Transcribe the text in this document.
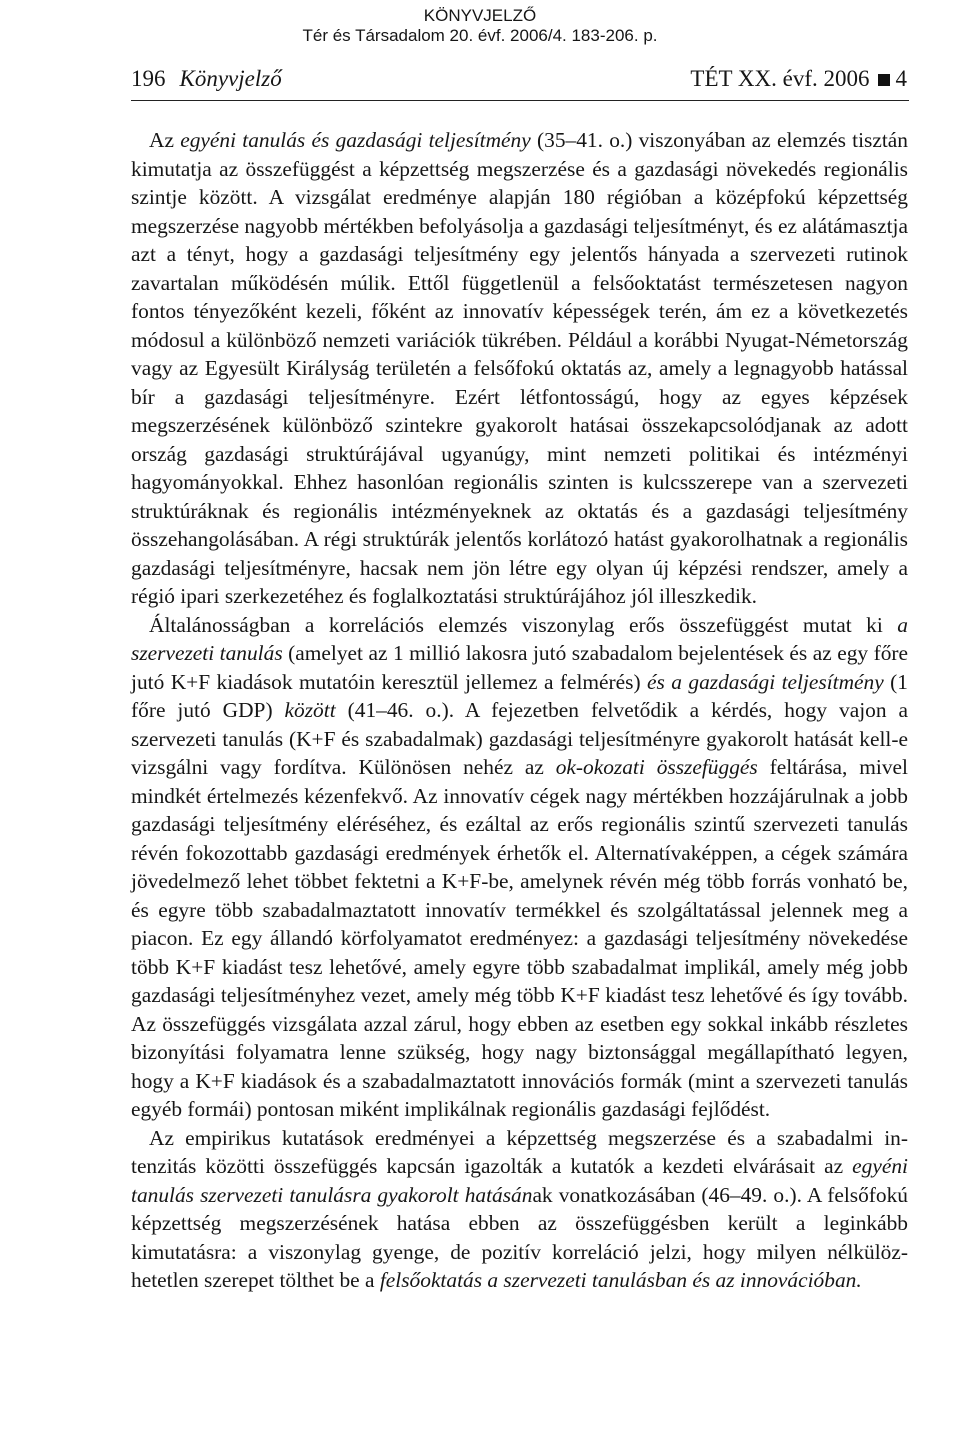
KÖNYVJELZŐ
Tér és Társadalom 20. évf. 2006/4. 183-206. p.
196 Könyvjelző	TÉT XX. évf. 2006 4

Az egyéni tanulás és gazdasági teljesítmény (35–41. o.) viszonyában az elemzés tisztán kimutatja az összefüggést a képzettség megszerzése és a gazdasági növekedés regionális szintje között. A vizsgálat eredménye alapján 180 régióban a középfokú képzettség megszerzése nagyobb mértékben befolyásolja a gazdasági teljesítményt, és ez alátámasztja azt a tényt, hogy a gazdasági teljesítmény egy jelentős hányada a szervezeti rutinok zavartalan működésén múlik. Ettől függetlenül a felsőoktatást természetesen nagyon fontos tényezőként kezeli, főként az innovatív képességek terén, ám ez a következetés módosul a különböző nemzeti variációk tükrében. Például a korábbi Nyugat-Németország vagy az Egyesült Királyság területén a felsőfokú oktatás az, amely a legnagyobb hatással bír a gazdasági teljesítményre. Ezért létfontosságú, hogy az egyes képzések megszerzésének különböző szintekre gyakorolt hatásai összekapcsolódjanak az adott ország gazdasági struktúrájával ugyanúgy, mint nemzeti politikai és intézményi hagyományokkal. Ehhez hasonlóan regionális szinten is kulcsszerepe van a szervezeti struktúráknak és regionális intézményeknek az oktatás és a gazdasági teljesítmény összehangolásában. A régi struktúrák jelentős korlátozó hatást gyakorolhatnak a regionális gazdasági teljesítményre, hacsak nem jön létre egy olyan új képzési rendszer, amely a régió ipari szerkezetéhez és foglalkoztatási struktúrájához jól illeszkedik.

Általánosságban a korrelációs elemzés viszonylag erős összefüggést mutat ki a szervezeti tanulás (amelyet az 1 millió lakosra jutó szabadalom bejelentések és az egy főre jutó K+F kiadások mutatóin keresztül jellemez a felmérés) és a gazdasági teljesítmény (1 főre jutó GDP) között (41–46. o.). A fejezetben felvetődik a kérdés, hogy vajon a szervezeti tanulás (K+F és szabadalmak) gazdasági teljesítményre gyakorolt hatását kell-e vizsgálni vagy fordítva. Különösen nehéz az ok-okozati összefüggés feltárása, mivel mindkét értelmezés kézenfekvő. Az innovatív cégek nagy mértékben hozzájárulnak a jobb gazdasági teljesítmény eléréséhez, és ezáltal az erős regionális szintű szervezeti tanulás révén fokozottabb gazdasági eredmények érhetők el. Alternatívaképpen, a cégek számára jövedelmező lehet többet fektetni a K+F-be, amelynek révén még több forrás vonható be, és egyre több szabadalmaztatott innovatív termékkel és szolgáltatással jelennek meg a piacon. Ez egy állandó körfolyamatot eredményez: a gazdasági teljesítmény növekedése több K+F kiadást tesz lehetővé, amely egyre több szabadalmat implikál, amely még jobb gazdasági teljesítményhez vezet, amely még több K+F kiadást tesz lehetővé és így tovább. Az összefüggés vizsgálata azzal zárul, hogy ebben az esetben egy sokkal inkább részletes bizonyítási folyamatra lenne szükség, hogy nagy biztonsággal megállapítható legyen, hogy a K+F kiadások és a szabadalmaztatott innovációs formák (mint a szervezeti tanulás egyéb formái) pontosan miként implikálnak regionális gazdasági fejlődést.

Az empirikus kutatások eredményei a képzettség megszerzése és a szabadalmi intenzitás közötti összefüggés kapcsán igazolták a kutatók a kezdeti elvárásait az egyéni tanulás szervezeti tanulásra gyakorolt hatásának vonatkozásában (46–49. o.). A felsőfokú képzettség megszerzésének hatása ebben az összefüggésben került a leginkább kimutatásra: a viszonylag gyenge, de pozitív korreláció jelzi, hogy milyen nélkülözhetetlen szerepet tölthet be a felsőoktatás a szervezeti tanulásban és az innovációban.
